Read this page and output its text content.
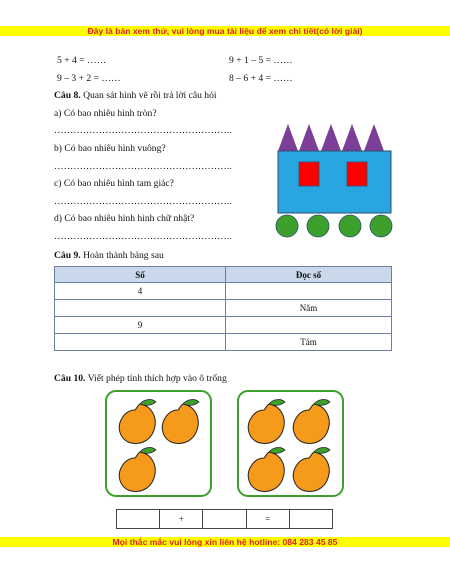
Đây là bản xem thử, vui lòng mua tài liệu để xem chi tiết(có lời giải)
5 + 4 = ……	9 + 1 – 5 = ……
9 – 3 + 2 = ……	8 – 6 + 4 = ……
Câu 8. Quan sát hình vẽ rồi trả lời câu hỏi
a) Có bao nhiêu hình tròn?
………………………………………………..
b) Có bao nhiêu hình vuông?
………………………………………………..
c) Có bao nhiêu hình tam giác?
………………………………………………..
d) Có bao nhiêu hình hình chữ nhật?
………………………………………………..
Câu 9. Hoàn thành bảng sau
Số	Đọc số
4	
	Năm
9	
	Tám
Câu 10. Viết phép tính thích hợp vào ô trống
+	=
Mọi thắc mắc vui lòng xin liên hệ hotline: 084 283 45 85
